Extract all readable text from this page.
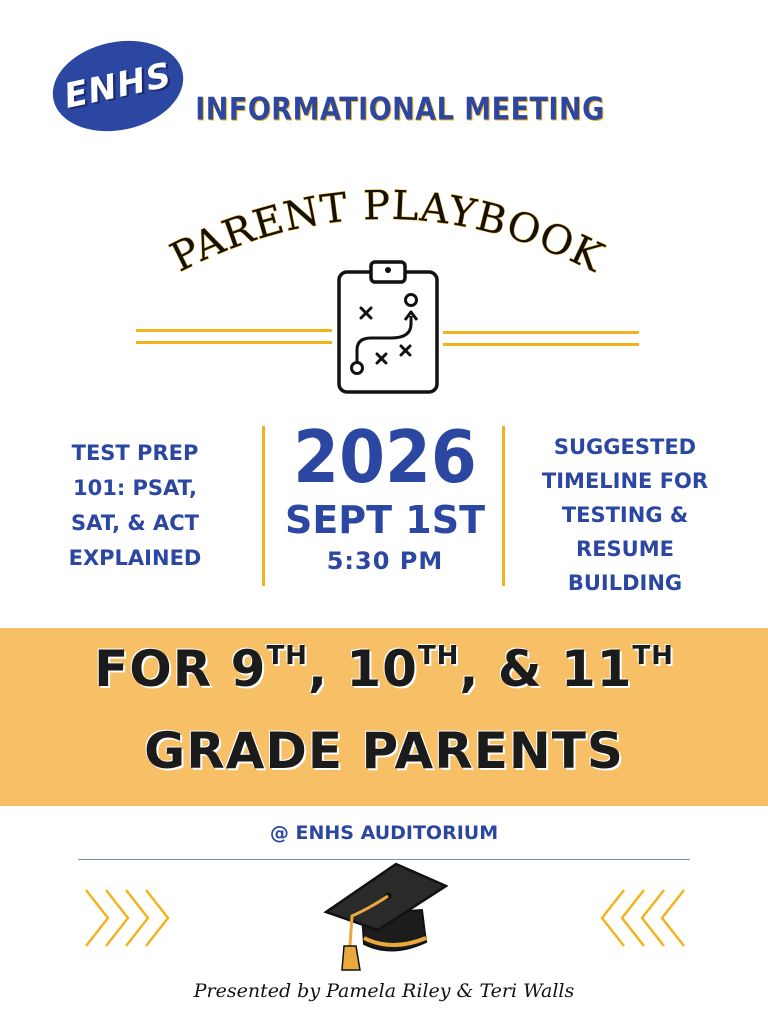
ENHS INFORMATIONAL MEETING
PARENT PLAYBOOK
TEST PREP
101: PSAT,
SAT, & ACT
EXPLAINED
2026
SEPT 1ST
5:30 PM
SUGGESTED
TIMELINE FOR
TESTING &
RESUME
BUILDING
FOR 9TH, 10TH, & 11TH
GRADE PARENTS
@ ENHS AUDITORIUM
Presented by Pamela Riley & Teri Walls
